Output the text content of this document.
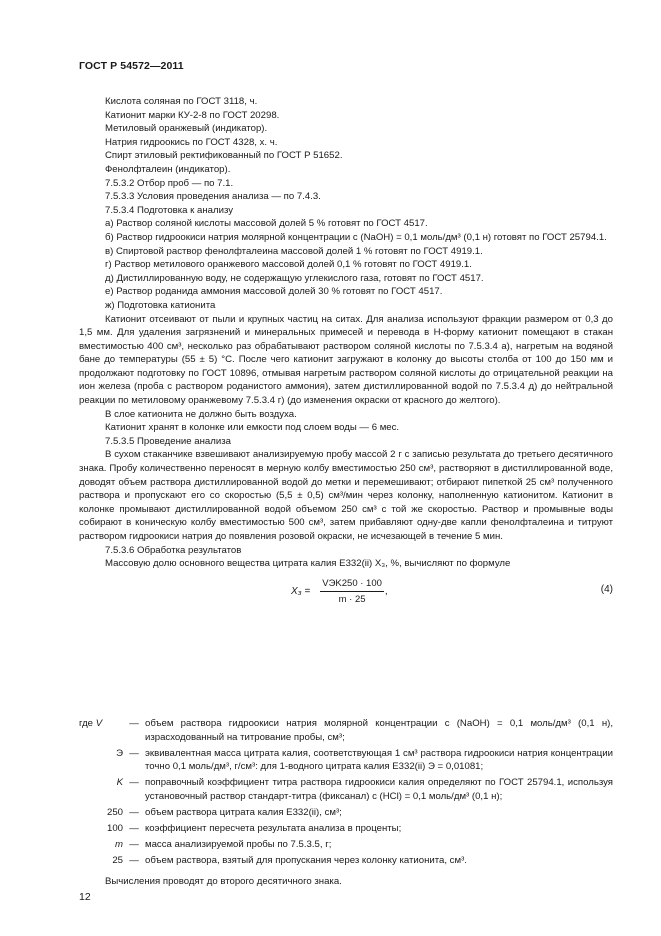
ГОСТ Р 54572—2011

Кислота соляная по ГОСТ 3118, ч.

Катионит марки КУ-2-8 по ГОСТ 20298.

Метиловый оранжевый (индикатор).

Натрия гидроокись по ГОСТ 4328, х. ч.

Спирт этиловый ректификованный по ГОСТ Р 51652.

Фенолфталеин (индикатор).

7.5.3.2 Отбор проб — по 7.1.

7.5.3.3 Условия проведения анализа — по 7.4.3.

7.5.3.4 Подготовка к анализу

а) Раствор соляной кислоты массовой долей 5 % готовят по ГОСТ 4517.

б) Раствор гидроокиси натрия молярной концентрации с (NaOH) = 0,1 моль/дм³ (0,1 н) готовят по ГОСТ 25794.1.

в) Спиртовой раствор фенолфталеина массовой долей 1 % готовят по ГОСТ 4919.1.

г) Раствор метилового оранжевого массовой долей 0,1 % готовят по ГОСТ 4919.1.

д) Дистиллированную воду, не содержащую углекислого газа, готовят по ГОСТ 4517.

е) Раствор роданида аммония массовой долей 30 % готовят по ГОСТ 4517.

ж) Подготовка катионита

Катионит отсеивают от пыли и крупных частиц на ситах. Для анализа используют фракции размером от 0,3 до 1,5 мм. Для удаления загрязнений и минеральных примесей и перевода в Н-форму катионит помещают в стакан вместимостью 400 см³, несколько раз обрабатывают раствором соляной кислоты по 7.5.3.4 а), нагретым на водяной бане до температуры (55 ± 5) °С. После чего катионит загружают в колонку до высоты столба от 100 до 150 мм и продолжают подготовку по ГОСТ 10896, отмывая нагретым раствором соляной кислоты до отрицательной реакции на ион железа (проба с раствором роданистого аммония), затем дистиллированной водой по 7.5.3.4 д) до нейтральной реакции по метиловому оранжевому 7.5.3.4 г) (до изменения окраски от красного до желтого).

В слое катионита не должно быть воздуха.

Катионит хранят в колонке или емкости под слоем воды — 6 мес.

7.5.3.5 Проведение анализа

В сухом стаканчике взвешивают анализируемую пробу массой 2 г с записью результата до третьего десятичного знака. Пробу количественно переносят в мерную колбу вместимостью 250 см³, растворяют в дистиллированной воде, доводят объем раствора дистиллированной водой до метки и перемешивают; отбирают пипеткой 25 см³ полученного раствора и пропускают его со скоростью (5,5 ± 0,5) см³/мин через колонку, наполненную катионитом. Катионит в колонке промывают дистиллированной водой объемом 250 см³ с той же скоростью. Раствор и промывные воды собирают в коническую колбу вместимостью 500 см³, затем прибавляют одну-две капли фенолфталеина и титруют раствором гидроокиси натрия до появления розовой окраски, не исчезающей в течение 5 мин.

7.5.3.6 Обработка результатов

Массовую долю основного вещества цитрата калия Е332(ii) X₃, %, вычисляют по формуле

$X_3 = \frac{\text{VЭK250 · 100}}{m \cdot 25}$ ,	(4)
где V	— объем раствора гидроокиси натрия молярной концентрации с (NaOH) = 0,1 моль/дм³ (0,1 н), израсходованный на титрование пробы, см³;
Э — эквивалентная масса цитрата калия, соответствующая 1 см³ раствора гидроокиси натрия концентрации точно 0,1 моль/дм³, г/см³: для 1-водного цитрата калия Е332(ii) Э = 0,01081;
K — поправочный коэффициент титра раствора гидроокиси калия определяют по ГОСТ 25794.1, используя установочный раствор стандарт-титра (фиксанал) с (HCl) = 0,1 моль/дм³ (0,1 н);
250 — объем раствора цитрата калия Е332(ii), см³;
100 — коэффициент пересчета результата анализа в проценты;
m — масса анализируемой пробы по 7.5.3.5, г;
25 — объем раствора, взятый для пропускания через колонку катионита, см³.
Вычисления проводят до второго десятичного знака.
12
